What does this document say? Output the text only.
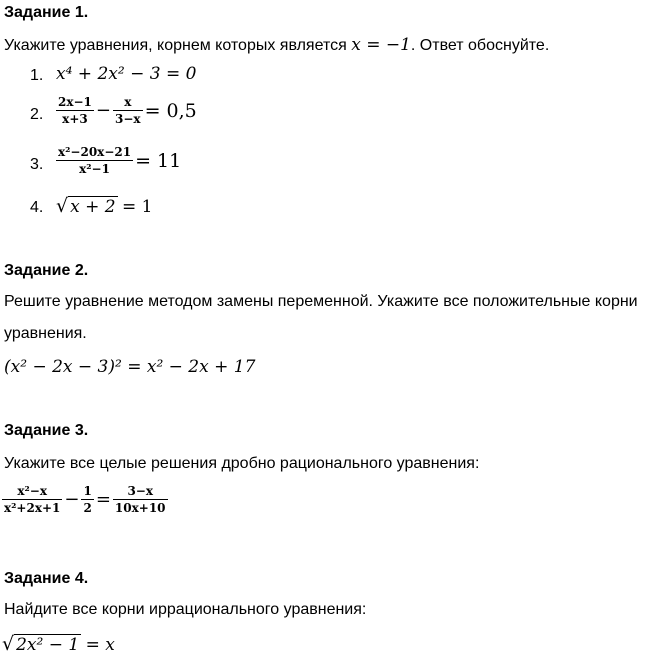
Задание 1.
Укажите уравнения, корнем которых является x = −1. Ответ обоснуйте.
1. x⁴ + 2x² − 3 = 0
2. $\frac{2x-1}{x+3} - \frac{x}{3-x} = 0,5$
3. $\frac{\text{x²−20x−21}}{\text{x²−1}} = 11$
4. √ x + 2 = 1
Задание 2.
Решите уравнение методом замены переменной. Укажите все положительные корни
уравнения.
(x² − 2x − 3)² = x² − 2x + 17
Задание 3.
Укажите все целые решения дробно рационального уравнения:
$\frac{\text{x²−x}}{\text{x²+2x+1}} - \frac{1}{2} = \frac{3-x}{10x+10}$
Задание 4.
Найдите все корни иррационального уравнения:
√ 2x² − 1 = x
